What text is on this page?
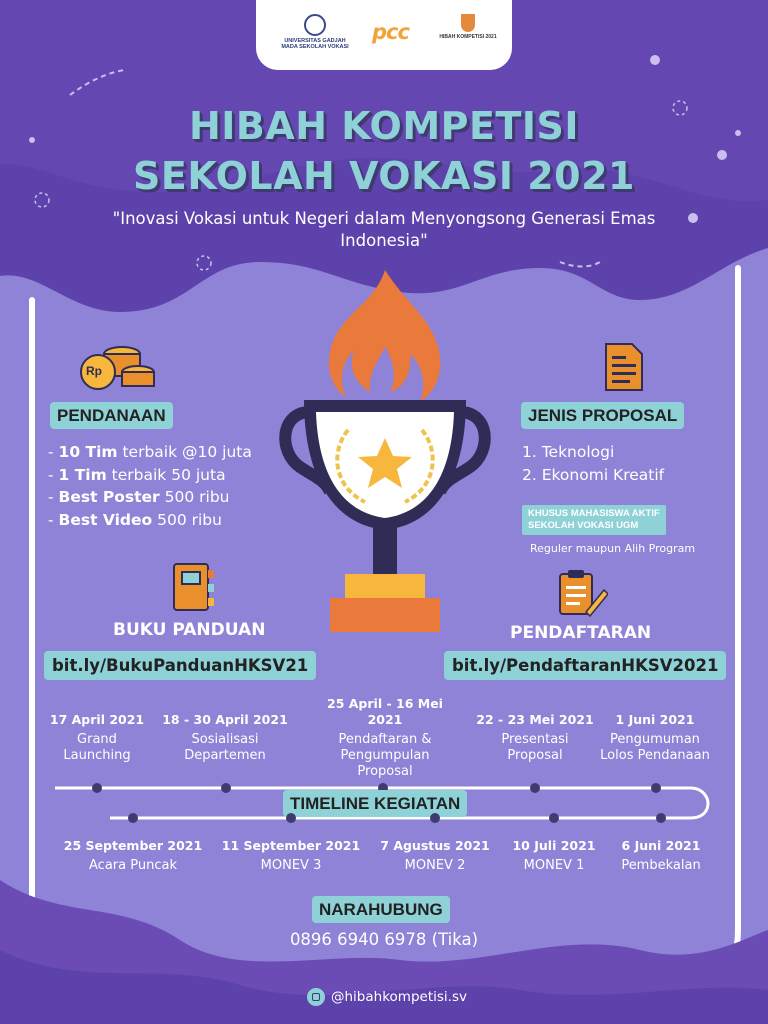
UNIVERSITAS GADJAH MADA SEKOLAH VOKASI
pcc	HIBAH KOMPETISI 2021
HIBAH KOMPETISI
SEKOLAH VOKASI 2021
"Inovasi Vokasi untuk Negeri dalam Menyongsong Generasi Emas Indonesia"
Rp
PENDANAAN
- 10 Tim terbaik @10 juta
- 1 Tim terbaik 50 juta
- Best Poster 500 ribu
- Best Video 500 ribu
JENIS PROPOSAL
1. Teknologi
2. Ekonomi Kreatif
KHUSUS MAHASISWA AKTIF
SEKOLAH VOKASI UGM
Reguler maupun Alih Program
BUKU PANDUAN
bit.ly/BukuPanduanHKSV21
PENDAFTARAN
bit.ly/PendaftaranHKSV2021
17 April 2021
Grand Launching
18 - 30 April 2021
Sosialisasi Departemen
25 April - 16 Mei 2021
Pendaftaran & Pengumpulan Proposal
22 - 23 Mei 2021
Presentasi Proposal
1 Juni 2021
Pengumuman Lolos Pendanaan
TIMELINE KEGIATAN
25 September 2021
Acara Puncak
11 September 2021
MONEV 3
7 Agustus 2021
MONEV 2
10 Juli 2021
MONEV 1
6 Juni 2021
Pembekalan
NARAHUBUNG
0896 6940 6978 (Tika)
@hibahkompetisi.sv
